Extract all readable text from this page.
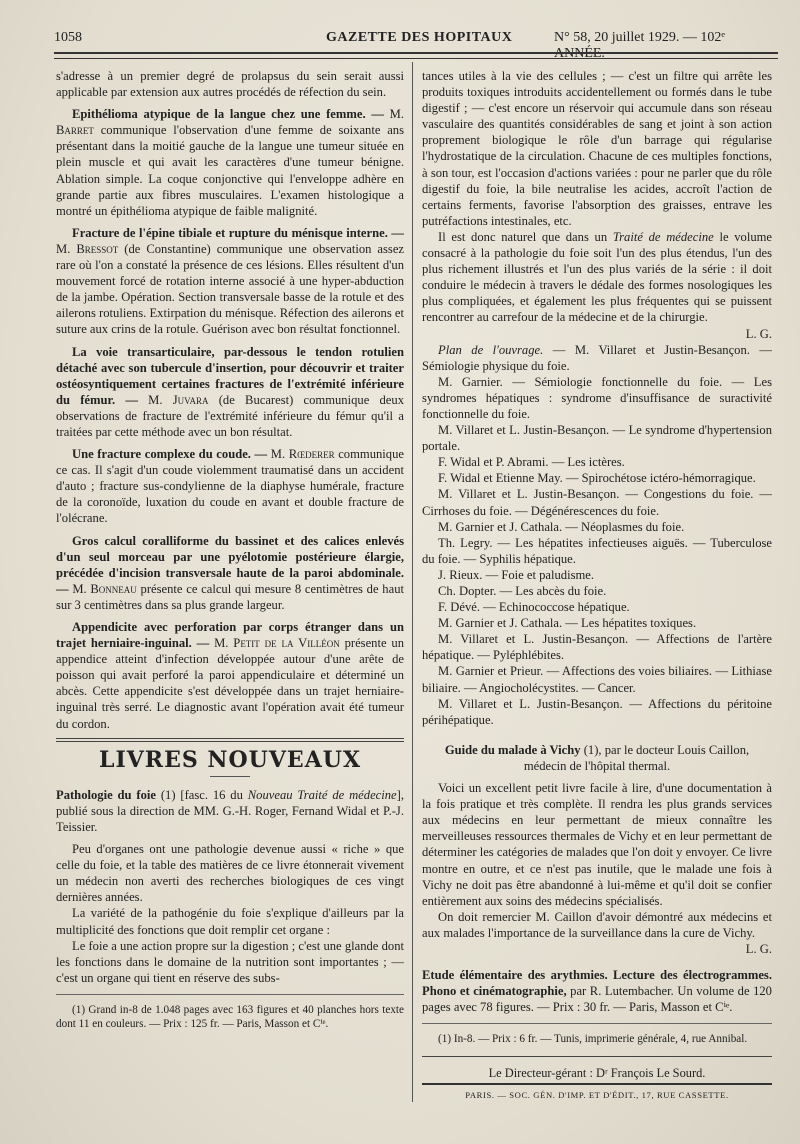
1058	GAZETTE DES HOPITAUX	N° 58, 20 juillet 1929. — 102ᵉ ANNÉE.

s'adresse à un premier degré de prolapsus du sein serait aussi applicable par extension aux autres procédés de réfection du sein.

Epithélioma atypique de la langue chez une femme. — M. Barret communique l'observation d'une femme de soixante ans présentant dans la moitié gauche de la langue une tumeur située en plein muscle et qui avait les caractères d'une tumeur bénigne. Ablation simple. La coque conjonctive qui l'enveloppe adhère en grande partie aux fibres musculaires. L'examen histologique a montré un épithélioma atypique de faible malignité.

Fracture de l'épine tibiale et rupture du ménisque interne. — M. Bressot (de Constantine) communique une observation assez rare où l'on a constaté la présence de ces lésions. Elles résultent d'un mouvement forcé de rotation interne associé à une hyper-abduction de la jambe. Opération. Section transversale basse de la rotule et des ailerons rotuliens. Extirpation du ménisque. Réfection des ailerons et suture aux crins de la rotule. Guérison avec bon résultat fonctionnel.

La voie transarticulaire, par-dessous le tendon rotulien détaché avec son tubercule d'insertion, pour découvrir et traiter ostéosyntiquement certaines fractures de l'extrémité inférieure du fémur. — M. Juvara (de Bucarest) communique deux observations de fracture de l'extrémité inférieure du fémur qu'il a traitées par cette méthode avec un bon résultat.

Une fracture complexe du coude. — M. Rœderer communique ce cas. Il s'agit d'un coude violemment traumatisé dans un accident d'auto ; fracture sus-condylienne de la diaphyse humérale, fracture de la coronoïde, luxation du coude en avant et double fracture de l'olécrane.

Gros calcul coralliforme du bassinet et des calices enlevés d'un seul morceau par une pyélotomie postérieure élargie, précédée d'incision transversale haute de la paroi abdominale. — M. Bonneau présente ce calcul qui mesure 8 centimètres de haut sur 3 centimètres dans sa plus grande largeur.

Appendicite avec perforation par corps étranger dans un trajet herniaire-inguinal. — M. Petit de la Villéon présente un appendice atteint d'infection développée autour d'une arête de poisson qui avait perforé la paroi appendiculaire et déterminé un abcès. Cette appendicite s'est développée dans un trajet herniaire-inguinal très serré. Le diagnostic avant l'opération avait été tumeur du cordon.

LIVRES NOUVEAUX

Pathologie du foie (1) [fasc. 16 du Nouveau Traité de médecine], publié sous la direction de MM. G.-H. Roger, Fernand Widal et P.-J. Teissier.

Peu d'organes ont une pathologie devenue aussi « riche » que celle du foie, et la table des matières de ce livre étonnerait vivement un médecin non averti des recherches biologiques de ces vingt dernières années.

La variété de la pathogénie du foie s'explique d'ailleurs par la multiplicité des fonctions que doit remplir cet organe :

Le foie a une action propre sur la digestion ; c'est une glande dont les fonctions dans le domaine de la nutrition sont importantes ; — c'est un organe qui tient en réserve des subs-

(1) Grand in-8 de 1.048 pages avec 163 figures et 40 planches hors texte dont 11 en couleurs. — Prix : 125 fr. — Paris, Masson et Cⁱᵉ.

tances utiles à la vie des cellules ; — c'est un filtre qui arrête les produits toxiques introduits accidentellement ou formés dans le tube digestif ; — c'est encore un réservoir qui accumule dans son réseau vasculaire des quantités considérables de sang et joint à son action proprement biologique le rôle d'un barrage qui régularise l'hydrostatique de la circulation. Chacune de ces multiples fonctions, à son tour, est l'occasion d'actions variées : pour ne parler que du rôle digestif du foie, la bile neutralise les acides, accroît l'action de certains ferments, favorise l'absorption des graisses, entrave les putréfactions intestinales, etc.

Il est donc naturel que dans un Traité de médecine le volume consacré à la pathologie du foie soit l'un des plus étendus, l'un des plus richement illustrés et l'un des plus variés de la série : il doit conduire le médecin à travers le dédale des formes nosologiques les plus compliquées, et également les plus fréquentes qui se puissent rencontrer au carrefour de la médecine et de la chirurgie.

L. G.

Plan de l'ouvrage. — M. Villaret et Justin-Besançon. — Sémiologie physique du foie.

M. Garnier. — Sémiologie fonctionnelle du foie. — Les syndromes hépatiques : syndrome d'insuffisance de suractivité fonctionnelle du foie.

M. Villaret et L. Justin-Besançon. — Le syndrome d'hypertension portale.

F. Widal et P. Abrami. — Les ictères.

F. Widal et Etienne May. — Spirochétose ictéro-hémorragique.

M. Villaret et L. Justin-Besançon. — Congestions du foie. — Cirrhoses du foie. — Dégénérescences du foie.

M. Garnier et J. Cathala. — Néoplasmes du foie.

Th. Legry. — Les hépatites infectieuses aiguës. — Tuberculose du foie. — Syphilis hépatique.

J. Rieux. — Foie et paludisme.

Ch. Dopter. — Les abcès du foie.

F. Dévé. — Echinococcose hépatique.

M. Garnier et J. Cathala. — Les hépatites toxiques.

M. Villaret et L. Justin-Besançon. — Affections de l'artère hépatique. — Pyléphlébites.

M. Garnier et Prieur. — Affections des voies biliaires. — Lithiase biliaire. — Angiocholécystites. — Cancer.

M. Villaret et L. Justin-Besançon. — Affections du péritoine périhépatique.

Guide du malade à Vichy (1), par le docteur Louis Caillon, médecin de l'hôpital thermal.

Voici un excellent petit livre facile à lire, d'une documentation à la fois pratique et très complète. Il rendra les plus grands services aux médecins en leur permettant de mieux connaître les merveilleuses ressources thermales de Vichy et en leur permettant de déterminer les catégories de malades que l'on doit y envoyer. Ce livre montre en outre, et ce n'est pas inutile, que le malade une fois à Vichy ne doit pas être abandonné à lui-même et qu'il doit se confier entièrement aux soins des médecins spécialisés.

On doit remercier M. Caillon d'avoir démontré aux médecins et aux malades l'importance de la surveillance dans la cure de Vichy.

L. G.

Etude élémentaire des arythmies. Lecture des électrogrammes. Phono et cinématographie, par R. Lutembacher. Un volume de 120 pages avec 78 figures. — Prix : 30 fr. — Paris, Masson et Cⁱᵉ.

(1) In-8. — Prix : 6 fr. — Tunis, imprimerie générale, 4, rue Annibal.

Le Directeur-gérant : Dʳ François Le Sourd.
PARIS. — SOC. GÉN. D'IMP. ET D'ÉDIT., 17, RUE CASSETTE.
